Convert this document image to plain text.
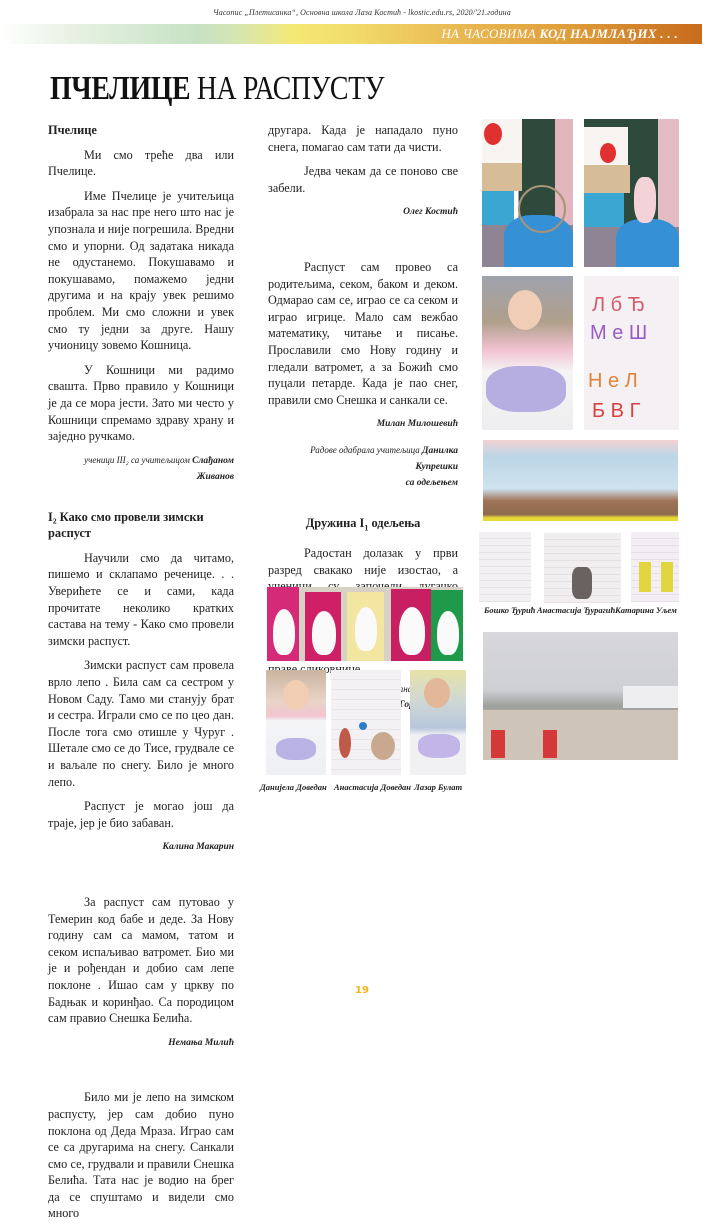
Часопис „Плетисанка“, Основна школа Лаза Костић - lkostic.edu.rs, 2020/'21.година
НА ЧАСОВИМА КОД НАЈМЛАЂИХ . . .
ПЧЕЛИЦЕ НА РАСПУСТУ
Пчелице

Ми смо треће два или Пчелице.

Име Пчелице је учитељица изабрала за нас пре него што нас је упознала и није погрешила. Вредни смо и упорни. Од задатака никада не одустанемо. Покушавамо и покушавамо, помажемо једни другима и на крају увек решимо проблем. Ми смо сложни и увек смо ту једни за друге. Нашу учионицу зовемо Кошница.

У Кошници ми радимо свашта. Прво правило у Кошници је да се мора јести. Зато ми често у Кошници спремамо здраву храну и заједно ручкамо.

ученици III₂ са учитељицом Слађаном Живанов
I₂ Како смо провели зимски распуст

Научили смо да читамо, пишемо и склапамо реченице. . . Уверићете се и сами, када прочитате неколико кратких састава на тему - Како смо провели зимски распуст.

Зимски распуст сам провела врло лепо . Била сам са сестром у Новом Саду. Тамо ми станују брат и сестра. Играли смо се по цео дан. После тога смо отишле у Чуруг . Шетале смо се до Тисе, грудвале се и ваљале по снегу. Било је много лепо.

Распуст је могао још да траје, јер је био забаван.

Калина Макарин

За распуст сам путовао у Темерин код бабе и деде. За Нову годину сам са мамом, татом и секом испаљивао ватромет. Био ми је и рођендан и добио сам лепе поклоне . Ишао сам у цркву по Бадњак и коринђао. Са породицом сам правио Снешка Белића.

Немања Милић

Било ми је лепо на зимском распусту, јер сам добио пуно поклона од Деда Мраза. Играо сам се са другарима на снегу. Санкали смо се, грудвали и правили Снешка Белића. Тата нас је водио на брег да се спуштамо и видели смо много

другара. Када је нападало пуно снега, помагао сам тати да чисти.

Једва чекам да се поново све забели.

Олег Костић

Распуст сам провео са родитељима, секом, баком и деком. Одмарао сам се, играо се са секом и играо игрице. Мало сам вежбао математику, читање и писање. Прославили смо Нову годину и гледали ватромет, а за Божић смо пуцали петарде. Када је пао снег, правили смо Снешка и санкали се.

Милан Милошевић
Радове одабрала учитељица Данилка Купрешки
са одељењем
Дружина $I_1$ одељења

Радостан долазак у први разред свакако није изостао, а

Чланак

Данијела Доведан Анастасија Доведан Лазар Булат
Л б Ђ
М е Ш
Н е Л
Б В Г
Бошко Ђурић Анастасија Ђурагић Катарина Уљем
19
